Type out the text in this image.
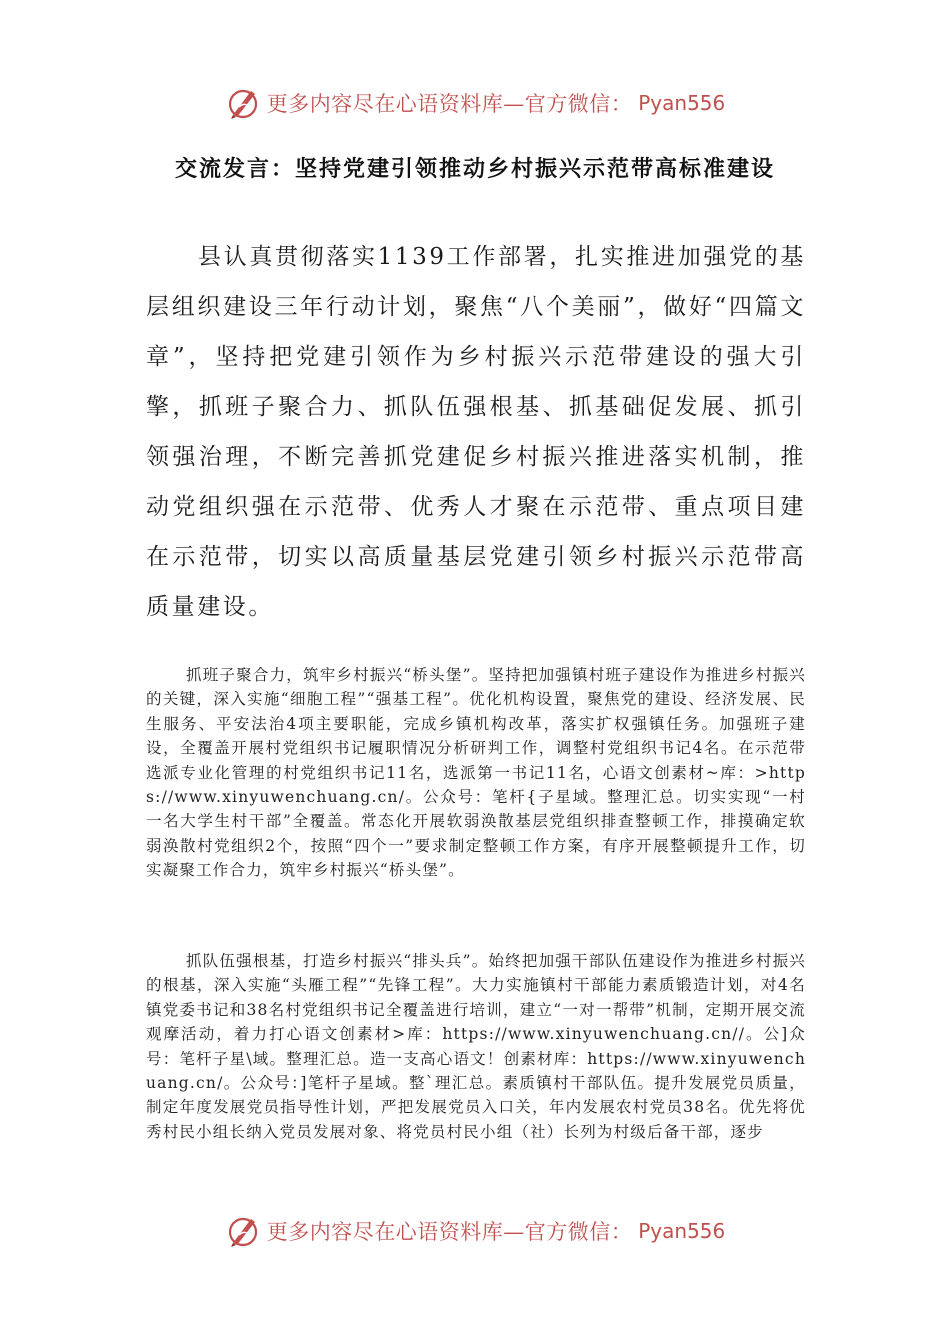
更多内容尽在心语资料库—官方微信： Pyan556
交流发言：坚持党建引领推动乡村振兴示范带高标准建设

县认真贯彻落实1139工作部署，扎实推进加强党的基层组织建设三年行动计划，聚焦“八个美丽”，做好“四篇文章”，坚持把党建引领作为乡村振兴示范带建设的强大引擎，抓班子聚合力、抓队伍强根基、抓基础促发展、抓引领强治理，不断完善抓党建促乡村振兴推进落实机制，推动党组织强在示范带、优秀人才聚在示范带、重点项目建在示范带，切实以高质量基层党建引领乡村振兴示范带高质量建设。

抓班子聚合力，筑牢乡村振兴“桥头堡”。坚持把加强镇村班子建设作为推进乡村振兴的关键，深入实施“细胞工程”“强基工程”。优化机构设置，聚焦党的建设、经济发展、民生服务、平安法治4项主要职能，完成乡镇机构改革，落实扩权强镇任务。加强班子建设，全覆盖开展村党组织书记履职情况分析研判工作，调整村党组织书记4名。在示范带选派专业化管理的村党组织书记11名，选派第一书记11名，心语文创素材~库：>https://www.xinyuwenchuang.cn/。公众号：笔杆{子星域。整理汇总。切实实现“一村一名大学生村干部”全覆盖。常态化开展软弱涣散基层党组织排查整顿工作，排摸确定软弱涣散村党组织2个，按照“四个一”要求制定整顿工作方案，有序开展整顿提升工作，切实凝聚工作合力，筑牢乡村振兴“桥头堡”。

抓队伍强根基，打造乡村振兴“排头兵”。始终把加强干部队伍建设作为推进乡村振兴的根基，深入实施“头雁工程”“先锋工程”。大力实施镇村干部能力素质锻造计划，对4名镇党委书记和38名村党组织书记全覆盖进行培训，建立“一对一帮带”机制，定期开展交流观摩活动，着力打心语文创素材>库：https://www.xinyuwenchuang.cn//。公]众号：笔杆子星\域。整理汇总。造一支高心语文！创素材库：https://www.xinyuwenchuang.cn/。公众号：]笔杆子星域。整`理汇总。素质镇村干部队伍。提升发展党员质量，制定年度发展党员指导性计划，严把发展党员入口关，年内发展农村党员38名。优先将优秀村民小组长纳入党员发展对象、将党员村民小组（社）长列为村级后备干部，逐步

更多内容尽在心语资料库—官方微信： Pyan556
